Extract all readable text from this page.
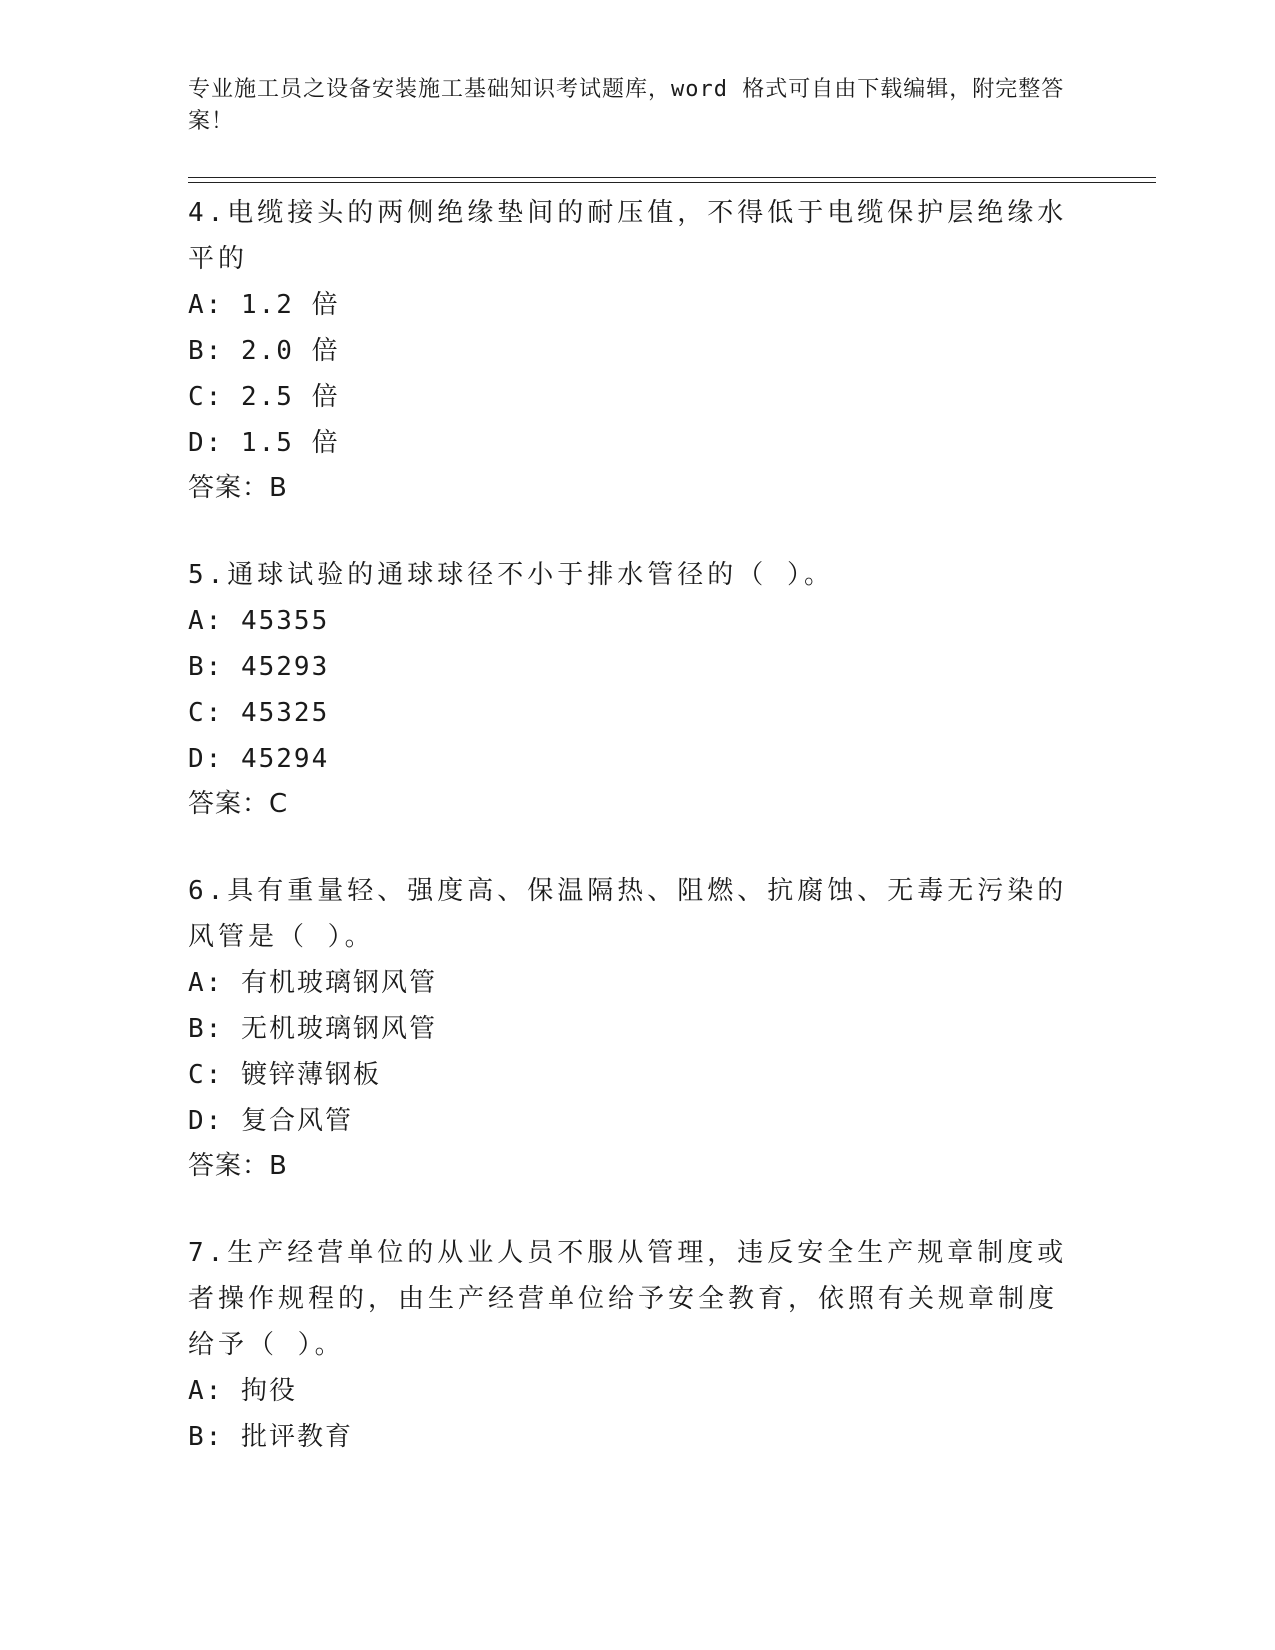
专业施工员之设备安装施工基础知识考试题库，word 格式可自由下载编辑，附完整答案！
4.电缆接头的两侧绝缘垫间的耐压值，不得低于电缆保护层绝缘水平的
A: 1.2 倍
B: 2.0 倍
C: 2.5 倍
D: 1.5 倍
答案：B
5.通球试验的通球球径不小于排水管径的（ ）。
A: 45355
B: 45293
C: 45325
D: 45294
答案：C
6.具有重量轻、强度高、保温隔热、阻燃、抗腐蚀、无毒无污染的风管是（ ）。
A: 有机玻璃钢风管
B: 无机玻璃钢风管
C: 镀锌薄钢板
D: 复合风管
答案：B
7.生产经营单位的从业人员不服从管理，违反安全生产规章制度或者操作规程的，由生产经营单位给予安全教育，依照有关规章制度给予（ ）。
A: 拘役
B: 批评教育
